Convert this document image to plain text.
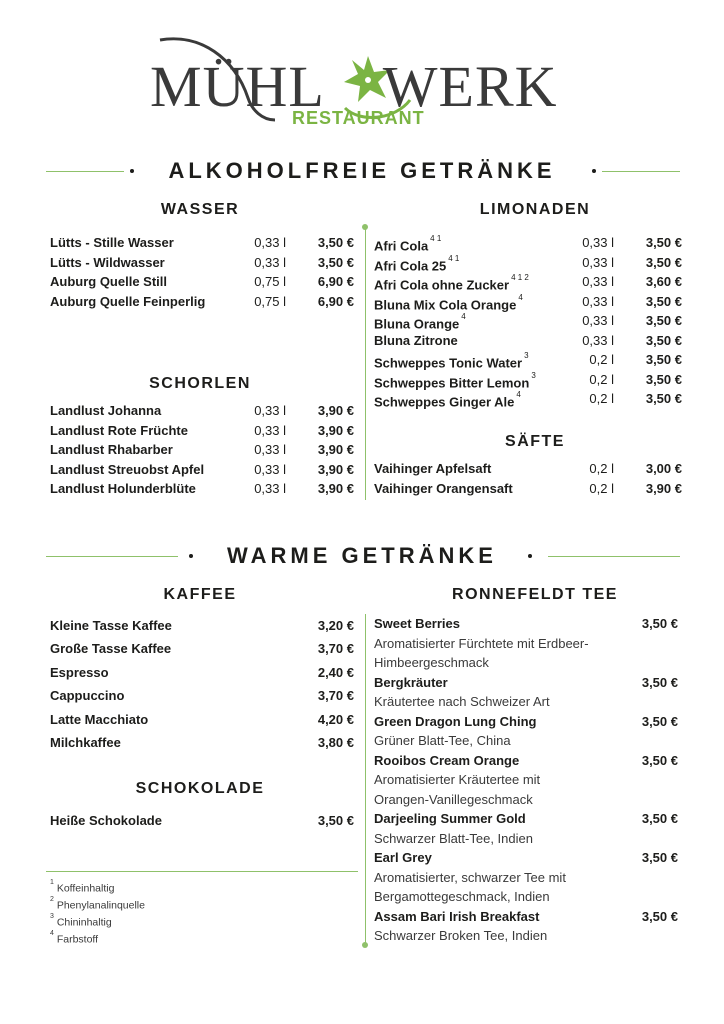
MÜHL WERK
RESTAURANT
ALKOHOLFREIE GETRÄNKE
WASSER
Lütts - Stille Wasser	0,33 l 3,50 €
Lütts - Wildwasser	0,33 l 3,50 €
Auburg Quelle Still	0,75 l 6,90 €
Auburg Quelle Feinperlig	0,75 l 6,90 €
SCHORLEN
Landlust Johanna	0,33 l 3,90 €
Landlust Rote Früchte	0,33 l 3,90 €
Landlust Rhabarber	0,33 l 3,90 €
Landlust Streuobst Apfel	0,33 l 3,90 €
Landlust Holunderblüte	0,33 l 3,90 €
LIMONADEN
Afri Cola $^{4 1}$	0,33 l 3,50 €
Afri Cola 25 $^{4 1}$	0,33 l 3,50 €
Afri Cola ohne Zucker $^{4 1 2}$	0,33 l 3,60 €
Bluna Mix Cola Orange $^4$	0,33 l 3,50 €
Bluna Orange $^4$	0,33 l 3,50 €
Bluna Zitrone	0,33 l 3,50 €
Schweppes Tonic Water $^3$	0,2 l 3,50 €
Schweppes Bitter Lemon $^3$	0,2 l 3,50 €
Schweppes Ginger Ale $^4$	0,2 l 3,50 €
SÄFTE
Vaihinger Apfelsaft	0,2 l 3,00 €
Vaihinger Orangensaft	0,2 l 3,90 €
WARME GETRÄNKE
KAFFEE
Kleine Tasse Kaffee	3,20 €
Große Tasse Kaffee	3,70 €
Espresso	2,40 €
Cappuccino	3,70 €
Latte Macchiato	4,20 €
Milchkaffee	3,80 €
SCHOKOLADE
Heiße Schokolade	3,50 €
$^1$ Koffeinhaltig
$^2$ Phenylanalinquelle
$^3$ Chininhaltig
$^4$ Farbstoff
RONNEFELDT TEE
Sweet Berries	3,50 €
Aromatisierter Fürchtete mit Erdbeer-
Himbeergeschmack
Bergkräuter	3,50 €
Kräutertee nach Schweizer Art
Green Dragon Lung Ching	3,50 €
Grüner Blatt-Tee, China
Rooibos Cream Orange	3,50 €
Aromatisierter Kräutertee mit
Orangen-Vanillegeschmack
Darjeeling Summer Gold	3,50 €
Schwarzer Blatt-Tee, Indien
Earl Grey	3,50 €
Aromatisierter, schwarzer Tee mit
Bergamottegeschmack, Indien
Assam Bari Irish Breakfast	3,50 €
Schwarzer Broken Tee, Indien
